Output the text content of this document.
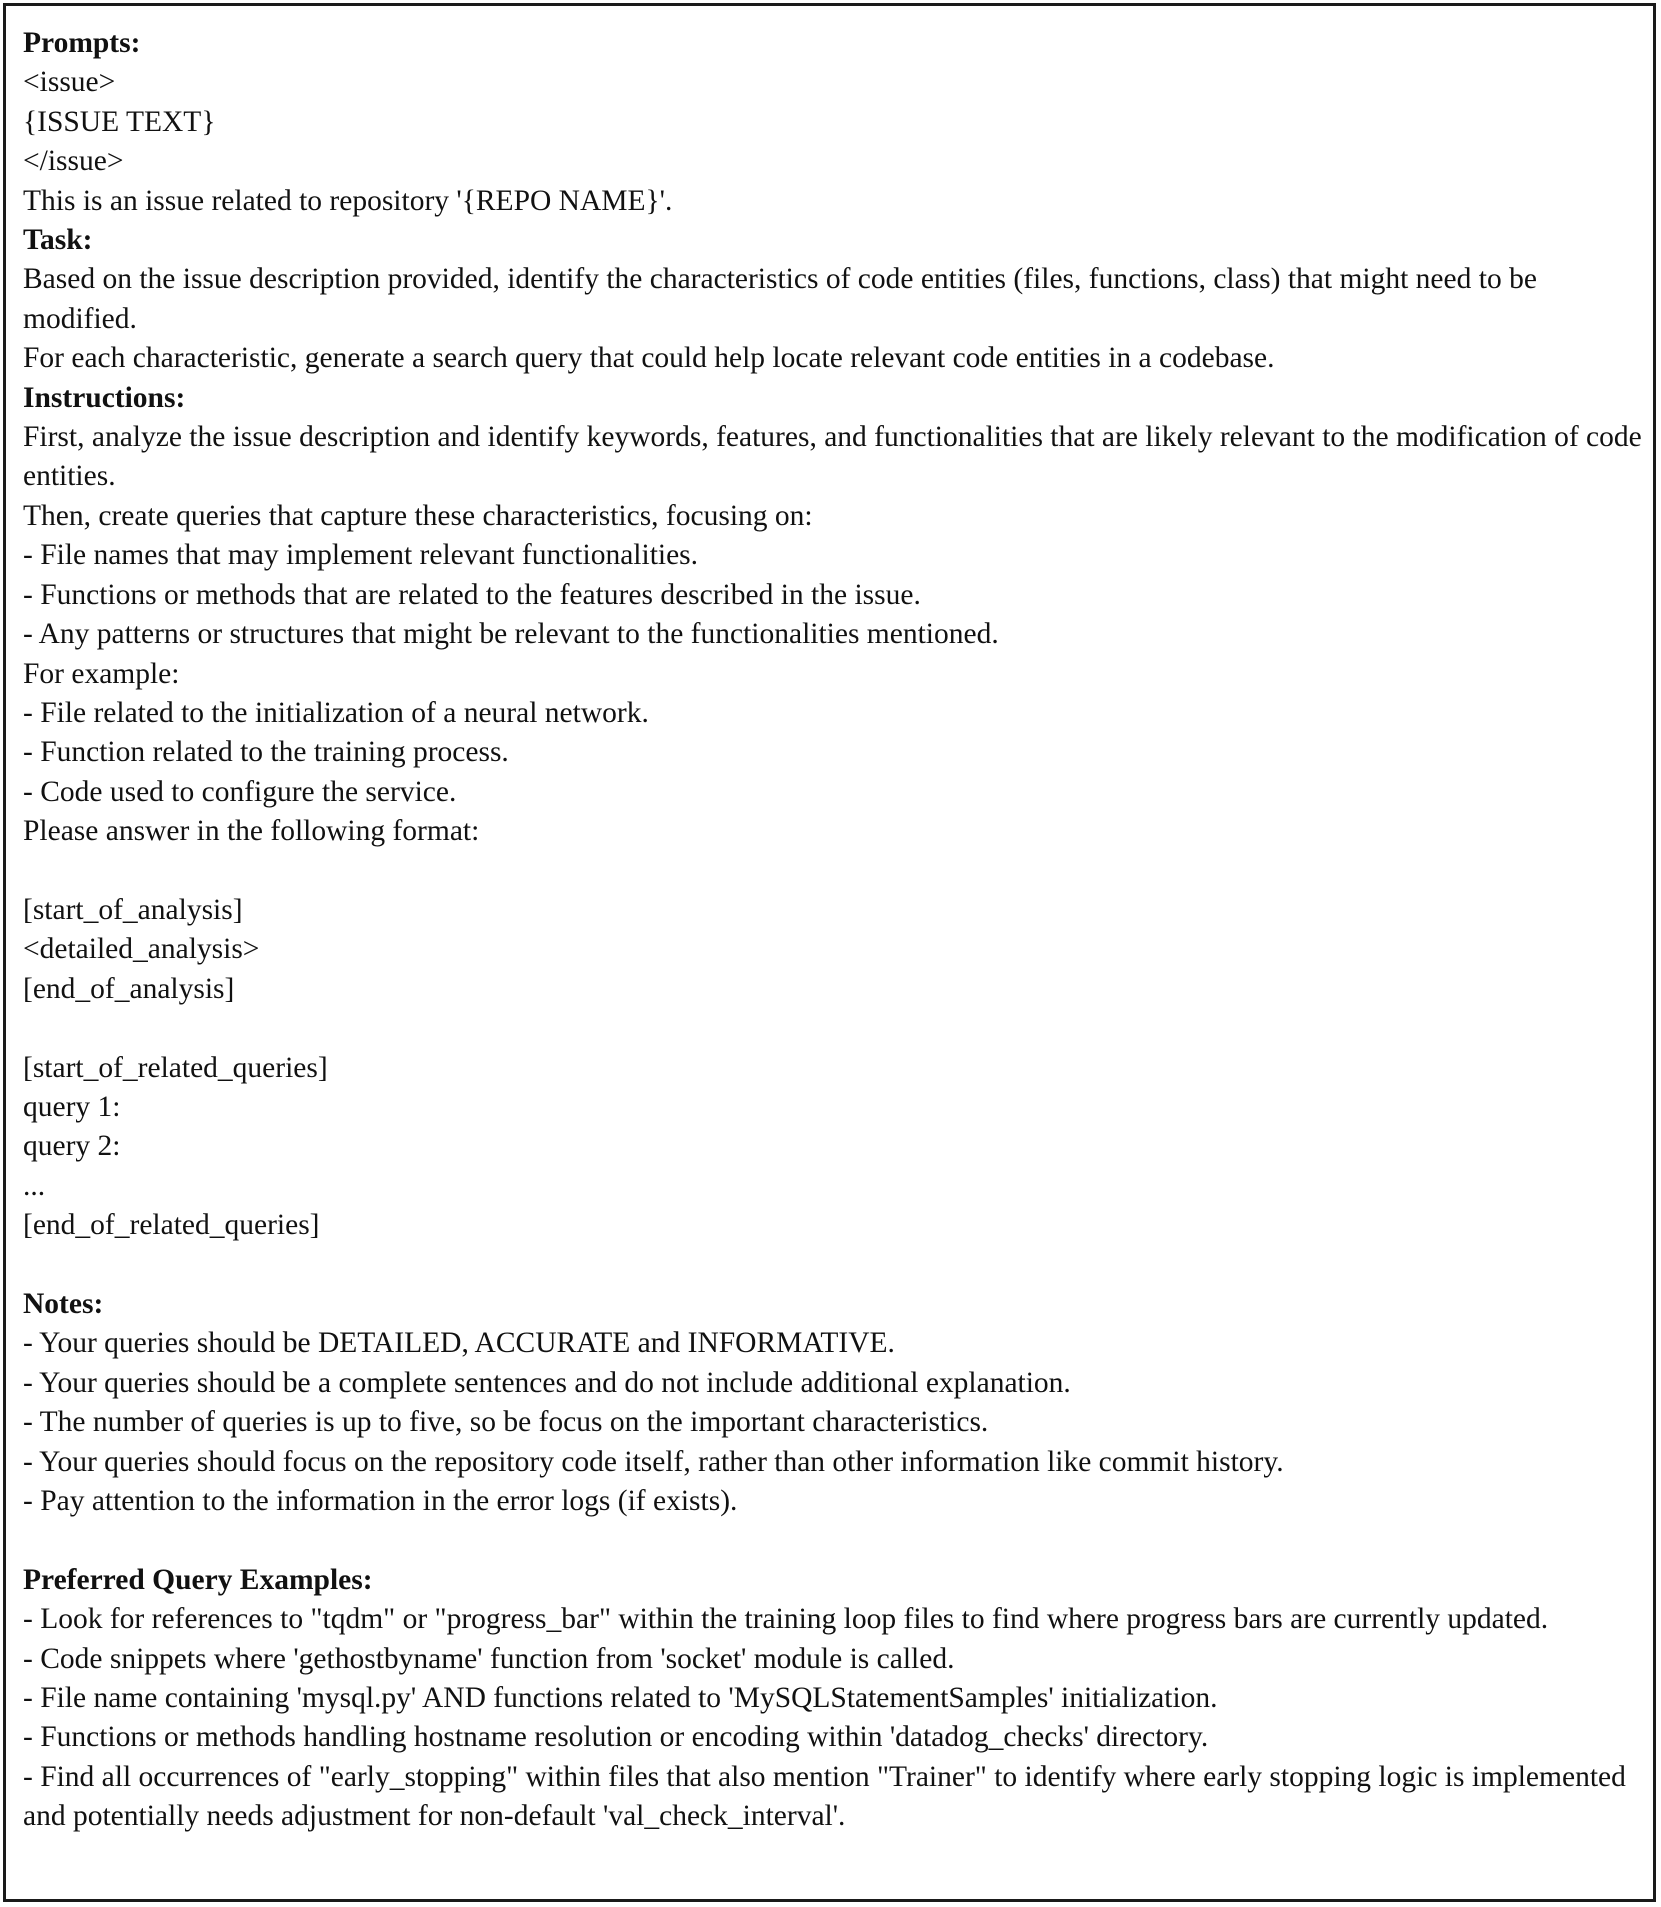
Prompts:

<issue>

{ISSUE TEXT}

</issue>

This is an issue related to repository '{REPO NAME}'.

Task:

Based on the issue description provided, identify the characteristics of code entities (files, functions, class) that might need to be modified.

For each characteristic, generate a search query that could help locate relevant code entities in a codebase.

Instructions:

First, analyze the issue description and identify keywords, features, and functionalities that are likely relevant to the modification of code entities.

Then, create queries that capture these characteristics, focusing on:

- File names that may implement relevant functionalities.

- Functions or methods that are related to the features described in the issue.

- Any patterns or structures that might be relevant to the functionalities mentioned.

For example:

- File related to the initialization of a neural network.

- Function related to the training process.

- Code used to configure the service.

Please answer in the following format:

[start_of_analysis]

<detailed_analysis>

[end_of_analysis]

[start_of_related_queries]

query 1:

query 2:

...

[end_of_related_queries]

Notes:

- Your queries should be DETAILED, ACCURATE and INFORMATIVE.

- Your queries should be a complete sentences and do not include additional explanation.

- The number of queries is up to five, so be focus on the important characteristics.

- Your queries should focus on the repository code itself, rather than other information like commit history.

- Pay attention to the information in the error logs (if exists).

Preferred Query Examples:

- Look for references to "tqdm" or "progress_bar" within the training loop files to find where progress bars are currently updated.

- Code snippets where 'gethostbyname' function from 'socket' module is called.

- File name containing 'mysql.py' AND functions related to 'MySQLStatementSamples' initialization.

- Functions or methods handling hostname resolution or encoding within 'datadog_checks' directory.

- Find all occurrences of "early_stopping" within files that also mention "Trainer" to identify where early stopping logic is implemented and potentially needs adjustment for non-default 'val_check_interval'.
